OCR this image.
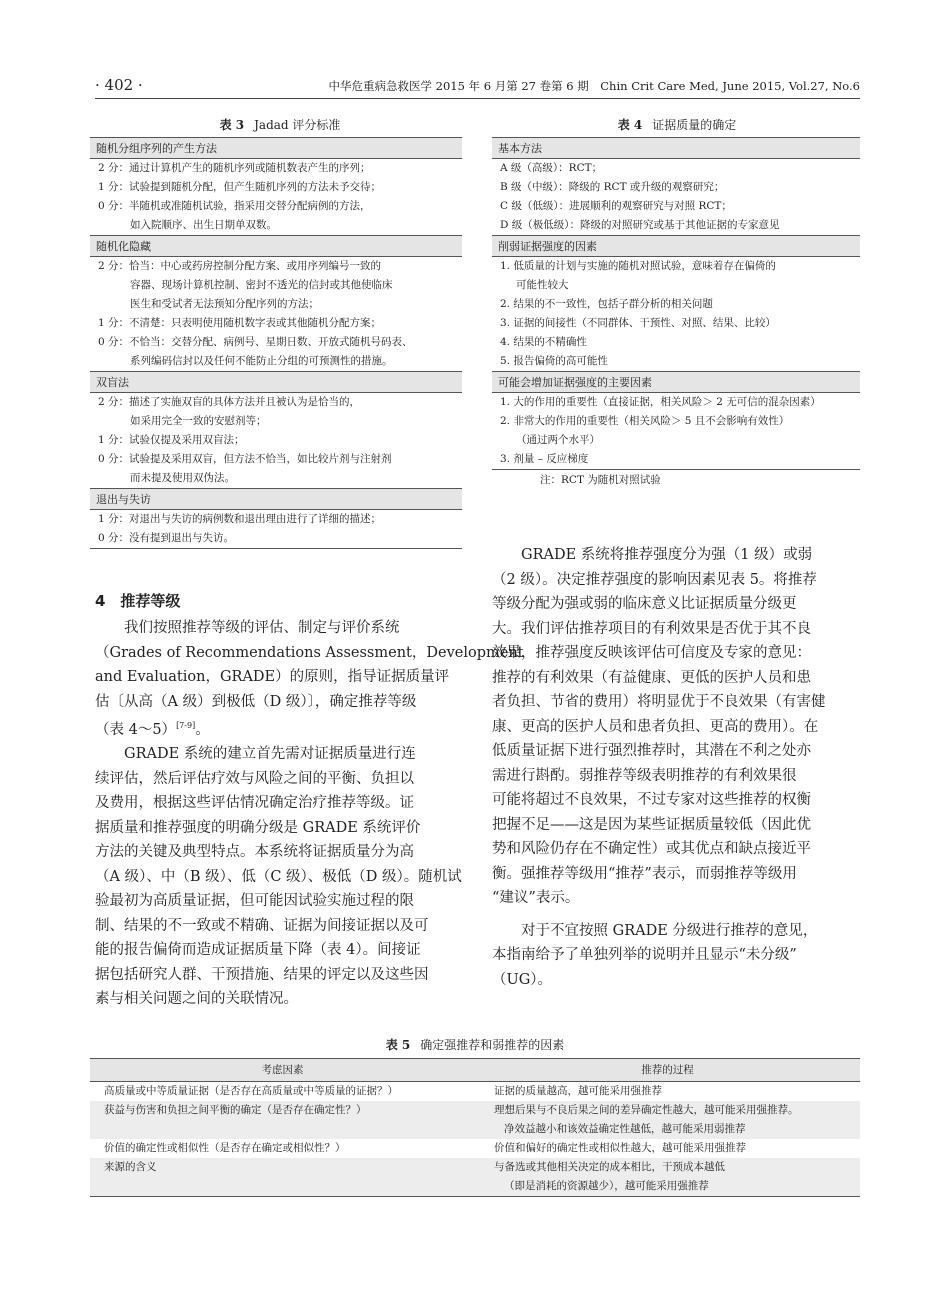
· 402 ·	中华危重病急救医学 2015 年 6 月第 27 卷第 6 期　Chin Crit Care Med, June 2015, Vol.27, No.6
表 3 Jadad 评分标准
随机分组序列的产生方法
2 分：通过计算机产生的随机序列或随机数表产生的序列；
1 分：试验提到随机分配，但产生随机序列的方法未予交待；
0 分：半随机或准随机试验，指采用交替分配病例的方法，
如入院顺序、出生日期单双数。
随机化隐藏
2 分：恰当：中心或药房控制分配方案、或用序列编号一致的
容器、现场计算机控制、密封不透光的信封或其他使临床
医生和受试者无法预知分配序列的方法；
1 分：不清楚：只表明使用随机数字表或其他随机分配方案；
0 分：不恰当：交替分配、病例号、星期日数、开放式随机号码表、
系列编码信封以及任何不能防止分组的可预测性的措施。
双盲法
2 分：描述了实施双盲的具体方法并且被认为是恰当的，
如采用完全一致的安慰剂等；
1 分：试验仅提及采用双盲法；
0 分：试验提及采用双盲，但方法不恰当，如比较片剂与注射剂
而未提及使用双伪法。
退出与失访
1 分：对退出与失访的病例数和退出理由进行了详细的描述；
0 分：没有提到退出与失访。
表 4 证据质量的确定
基本方法
A 级（高级）：RCT；
B 级（中级）：降级的 RCT 或升级的观察研究；
C 级（低级）：进展顺利的观察研究与对照 RCT；
D 级（极低级）：降级的对照研究或基于其他证据的专家意见
削弱证据强度的因素
1. 低质量的计划与实施的随机对照试验，意味着存在偏倚的
可能性较大
2. 结果的不一致性，包括子群分析的相关问题
3. 证据的间接性（不同群体、干预性、对照、结果、比较）
4. 结果的不精确性
5. 报告偏倚的高可能性
可能会增加证据强度的主要因素
1. 大的作用的重要性（直接证据，相关风险＞ 2 无可信的混杂因素）
2. 非常大的作用的重要性（相关风险＞ 5 且不会影响有效性）
（通过两个水平）
3. 剂量 – 反应梯度
注：RCT 为随机对照试验
4　推荐等级

我们按照推荐等级的评估、制定与评价系统
（Grades of Recommendations Assessment，Development
and Evaluation，GRADE）的原则，指导证据质量评
估〔从高（A 级）到极低（D 级）〕，确定推荐等级
（表 4～5）[7-9]。

GRADE 系统的建立首先需对证据质量进行连
续评估，然后评估疗效与风险之间的平衡、负担以
及费用，根据这些评估情况确定治疗推荐等级。证
据质量和推荐强度的明确分级是 GRADE 系统评价
方法的关键及典型特点。本系统将证据质量分为高
（A 级）、中（B 级）、低（C 级）、极低（D 级）。随机试
验最初为高质量证据，但可能因试验实施过程的限
制、结果的不一致或不精确、证据为间接证据以及可
能的报告偏倚而造成证据质量下降（表 4）。间接证
据包括研究人群、干预措施、结果的评定以及这些因
素与相关问题之间的关联情况。

GRADE 系统将推荐强度分为强（1 级）或弱
（2 级）。决定推荐强度的影响因素见表 5。将推荐
等级分配为强或弱的临床意义比证据质量分级更
大。我们评估推荐项目的有利效果是否优于其不良
效果，推荐强度反映该评估可信度及专家的意见：
推荐的有利效果（有益健康、更低的医护人员和患
者负担、节省的费用）将明显优于不良效果（有害健
康、更高的医护人员和患者负担、更高的费用）。在
低质量证据下进行强烈推荐时，其潜在不利之处亦
需进行斟酌。弱推荐等级表明推荐的有利效果很
可能将超过不良效果，不过专家对这些推荐的权衡
把握不足——这是因为某些证据质量较低（因此优
势和风险仍存在不确定性）或其优点和缺点接近平
衡。强推荐等级用“推荐”表示，而弱推荐等级用
“建议”表示。

对于不宜按照 GRADE 分级进行推荐的意见，
本指南给予了单独列举的说明并且显示“未分级”
（UG）。

表 5 确定强推荐和弱推荐的因素
考虑因素	推荐的过程
高质量或中等质量证据（是否存在高质量或中等质量的证据？）	证据的质量越高，越可能采用强推荐
获益与伤害和负担之间平衡的确定（是否存在确定性？）	理想后果与不良后果之间的差异确定性越大，越可能采用强推荐。
净效益越小和该效益确定性越低，越可能采用弱推荐
价值的确定性或相似性（是否存在确定或相似性？）	价值和偏好的确定性或相似性越大，越可能采用强推荐
来源的含义	与备选或其他相关决定的成本相比，干预成本越低
（即是消耗的资源越少），越可能采用强推荐
